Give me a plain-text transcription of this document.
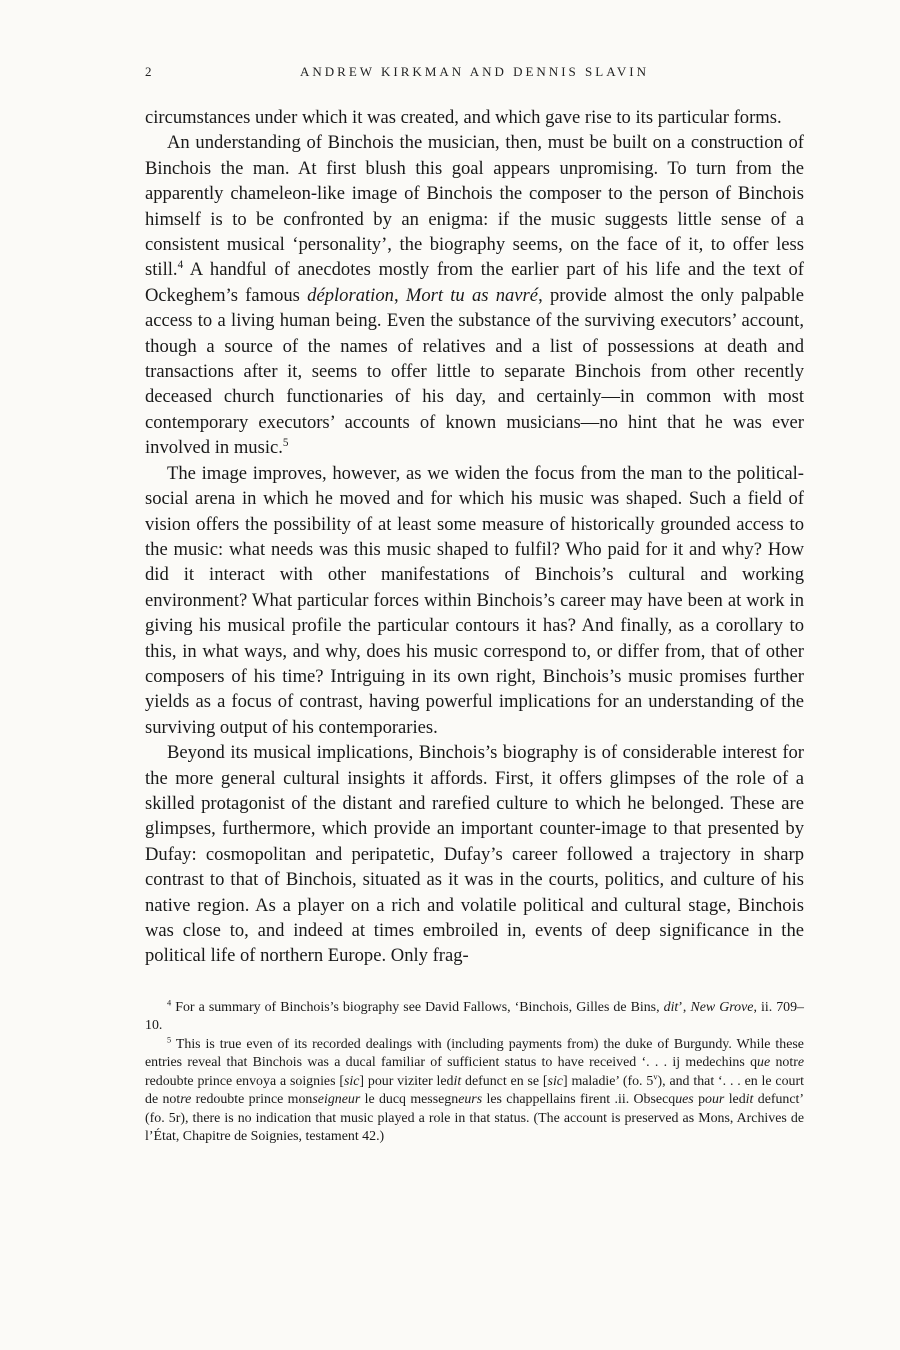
2	ANDREW KIRKMAN AND DENNIS SLAVIN

circumstances under which it was created, and which gave rise to its particular forms.

An understanding of Binchois the musician, then, must be built on a construction of Binchois the man. At first blush this goal appears unpromising. To turn from the apparently chameleon-like image of Binchois the composer to the person of Binchois himself is to be confronted by an enigma: if the music suggests little sense of a consistent musical ‘personality’, the biography seems, on the face of it, to offer less still.$^4$ A handful of anecdotes mostly from the earlier part of his life and the text of Ockeghem’s famous déploration, Mort tu as navré, provide almost the only palpable access to a living human being. Even the substance of the surviving executors’ account, though a source of the names of relatives and a list of possessions at death and transactions after it, seems to offer little to separate Binchois from other recently deceased church functionaries of his day, and certainly—in common with most contemporary executors’ accounts of known musicians—no hint that he was ever involved in music.$^5$

The image improves, however, as we widen the focus from the man to the political-social arena in which he moved and for which his music was shaped. Such a field of vision offers the possibility of at least some measure of historically grounded access to the music: what needs was this music shaped to fulfil? Who paid for it and why? How did it interact with other manifestations of Binchois’s cultural and working environment? What particular forces within Binchois’s career may have been at work in giving his musical profile the particular contours it has? And finally, as a corollary to this, in what ways, and why, does his music correspond to, or differ from, that of other composers of his time? Intriguing in its own right, Binchois’s music promises further yields as a focus of contrast, having powerful implications for an understanding of the surviving output of his contemporaries.

Beyond its musical implications, Binchois’s biography is of considerable interest for the more general cultural insights it affords. First, it offers glimpses of the role of a skilled protagonist of the distant and rarefied culture to which he belonged. These are glimpses, furthermore, which provide an important counter-image to that presented by Dufay: cosmopolitan and peripatetic, Dufay’s career followed a trajectory in sharp contrast to that of Binchois, situated as it was in the courts, politics, and culture of his native region. As a player on a rich and volatile political and cultural stage, Binchois was close to, and indeed at times embroiled in, events of deep significance in the political life of northern Europe. Only frag-

$^4$ For a summary of Binchois’s biography see David Fallows, ‘Binchois, Gilles de Bins, dit’, New Grove, ii. 709–10.

$^5$ This is true even of its recorded dealings with (including payments from) the duke of Burgundy. While these entries reveal that Binchois was a ducal familiar of sufficient status to have received ‘. . . ij medechins que notre redoubte prince envoya a soignies [sic] pour viziter ledit defunct en se [sic] maladie’ (fo. 5$^v$), and that ‘. . . en le court de notre redoubte prince monseigneur le ducq messegneurs les chappellains firent .ii. Obsecques pour ledit defunct’ (fo. 5r), there is no indication that music played a role in that status. (The account is preserved as Mons, Archives de l’État, Chapitre de Soignies, testament 42.)
